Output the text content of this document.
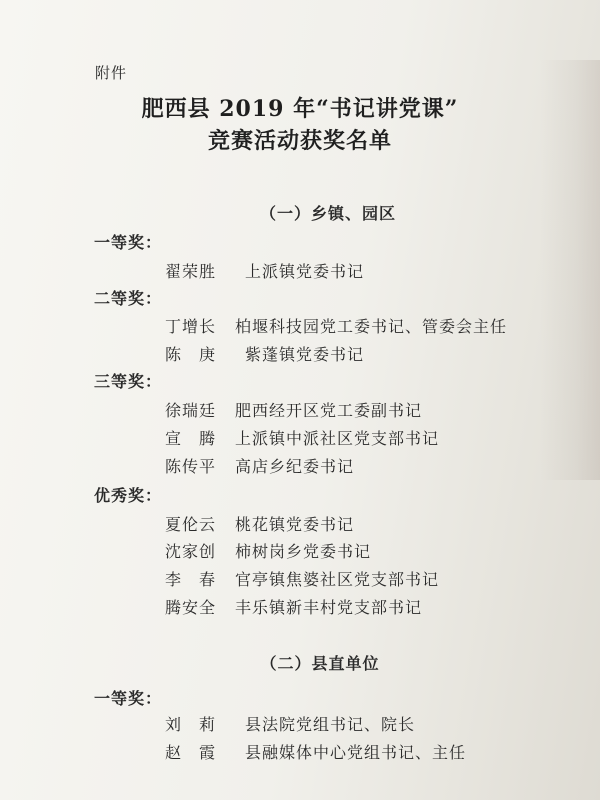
附件
肥西县 2019 年“书记讲党课”
竞赛活动获奖名单
（一）乡镇、园区
一等奖：
翟荣胜 上派镇党委书记
二等奖：
丁增长 柏堰科技园党工委书记、管委会主任
陈　庚 紫蓬镇党委书记
三等奖：
徐瑞廷 肥西经开区党工委副书记
宣　腾 上派镇中派社区党支部书记
陈传平 高店乡纪委书记
优秀奖：
夏伦云 桃花镇党委书记
沈家创 柿树岗乡党委书记
李　春 官亭镇焦婆社区党支部书记
腾安全 丰乐镇新丰村党支部书记
（二）县直单位
一等奖：
刘　莉 县法院党组书记、院长
赵　霞 县融媒体中心党组书记、主任
